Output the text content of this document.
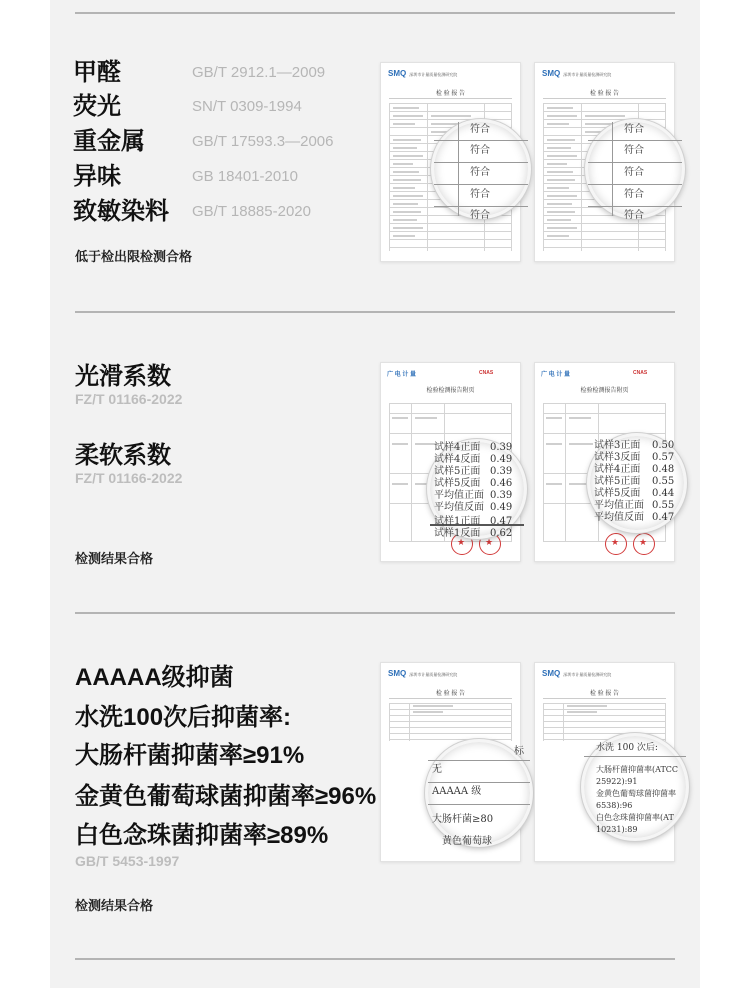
甲醛	GB/T 2912.1—2009
荧光	SN/T 0309-1994
重金属	GB/T 17593.3—2006
异味	GB 18401-2010
致敏染料 GB/T 18885-2020
低于检出限检测合格
SMQ 深圳市计量质量检测研究院
检 验 报 告
符合
符合
符合
符合
符合
SMQ 深圳市计量质量检测研究院
检 验 报 告
符合
符合
符合
符合
符合
光滑系数
FZ/T 01166-2022
柔软系数
FZ/T 01166-2022
检测结果合格
广 电 计 量	CNAS
检验检测报告附页
★
★
试样4正面 0.39
试样4反面 0.49
试样5正面 0.39
试样5反面 0.46
平均值正面 0.39
平均值反面 0.49
试样1正面 0.47
试样1反面 0.62
广 电 计 量	CNAS
检验检测报告附页
★
★
试样3正面 0.50
试样3反面 0.57
试样4正面 0.48
试样5正面 0.55
试样5反面 0.44
平均值正面 0.55
平均值反面 0.47
AAAAA级抑菌
水洗100次后抑菌率:
大肠杆菌抑菌率≥91%
金黄色葡萄球菌抑菌率≥96%
白色念珠菌抑菌率≥89%
GB/T 5453-1997
检测结果合格
SMQ 深圳市计量质量检测研究院
检 验 报 告
标
无
AAAAA 级
大肠杆菌≥80
黄色葡萄球
SMQ 深圳市计量质量检测研究院
检 验 报 告
水洗 100 次后:
大肠杆菌抑菌率(ATCC
25922):91
金黄色葡萄球菌抑菌率
6538):96
白色念珠菌抑菌率(AT
10231):89
